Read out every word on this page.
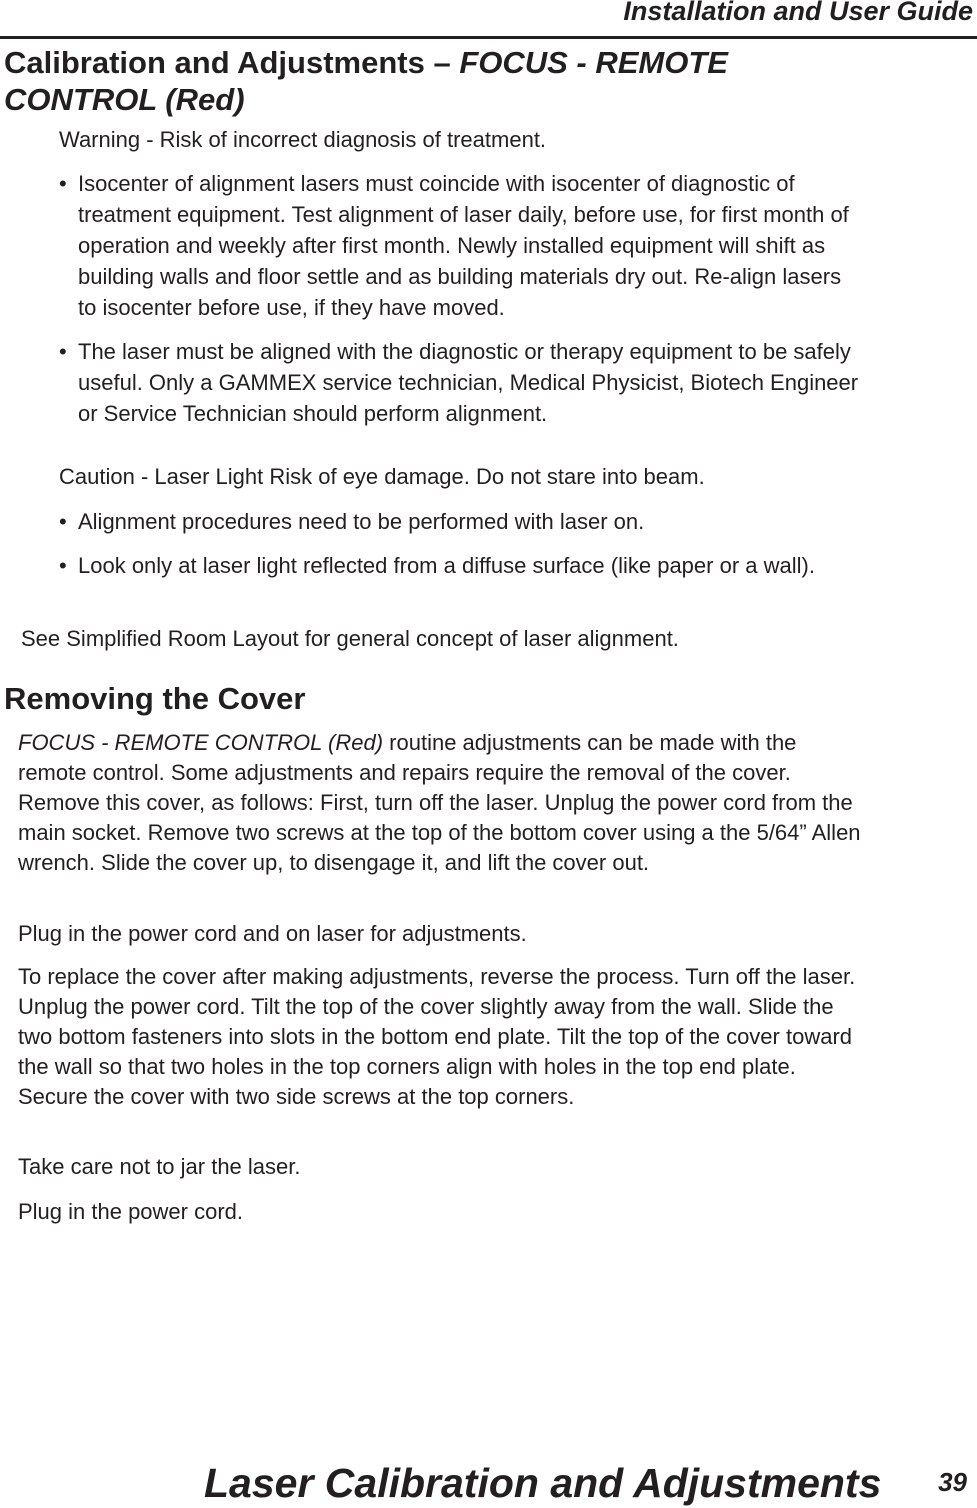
Installation and User Guide

Calibration and Adjustments – FOCUS - REMOTE CONTROL (Red)

Warning - Risk of incorrect diagnosis of treatment.

• Isocenter of alignment lasers must coincide with isocenter of diagnostic of treatment equipment. Test alignment of laser daily, before use, for first month of operation and weekly after first month. Newly installed equipment will shift as building walls and floor settle and as building materials dry out. Re-align lasers to isocenter before use, if they have moved.
• The laser must be aligned with the diagnostic or therapy equipment to be safely useful. Only a GAMMEX service technician, Medical Physicist, Biotech Engineer or Service Technician should perform alignment.

Caution - Laser Light Risk of eye damage. Do not stare into beam.

• Alignment procedures need to be performed with laser on.
• Look only at laser light reflected from a diffuse surface (like paper or a wall).

See Simplified Room Layout for general concept of laser alignment.

Removing the Cover

FOCUS - REMOTE CONTROL (Red) routine adjustments can be made with the remote control. Some adjustments and repairs require the removal of the cover. Remove this cover, as follows: First, turn off the laser. Unplug the power cord from the main socket. Remove two screws at the top of the bottom cover using a the 5/64” Allen wrench. Slide the cover up, to disengage it, and lift the cover out.

Plug in the power cord and on laser for adjustments.

To replace the cover after making adjustments, reverse the process. Turn off the laser. Unplug the power cord. Tilt the top of the cover slightly away from the wall. Slide the two bottom fasteners into slots in the bottom end plate. Tilt the top of the cover toward the wall so that two holes in the top corners align with holes in the top end plate. Secure the cover with two side screws at the top corners.

Take care not to jar the laser.

Plug in the power cord.

Laser Calibration and Adjustments 39
